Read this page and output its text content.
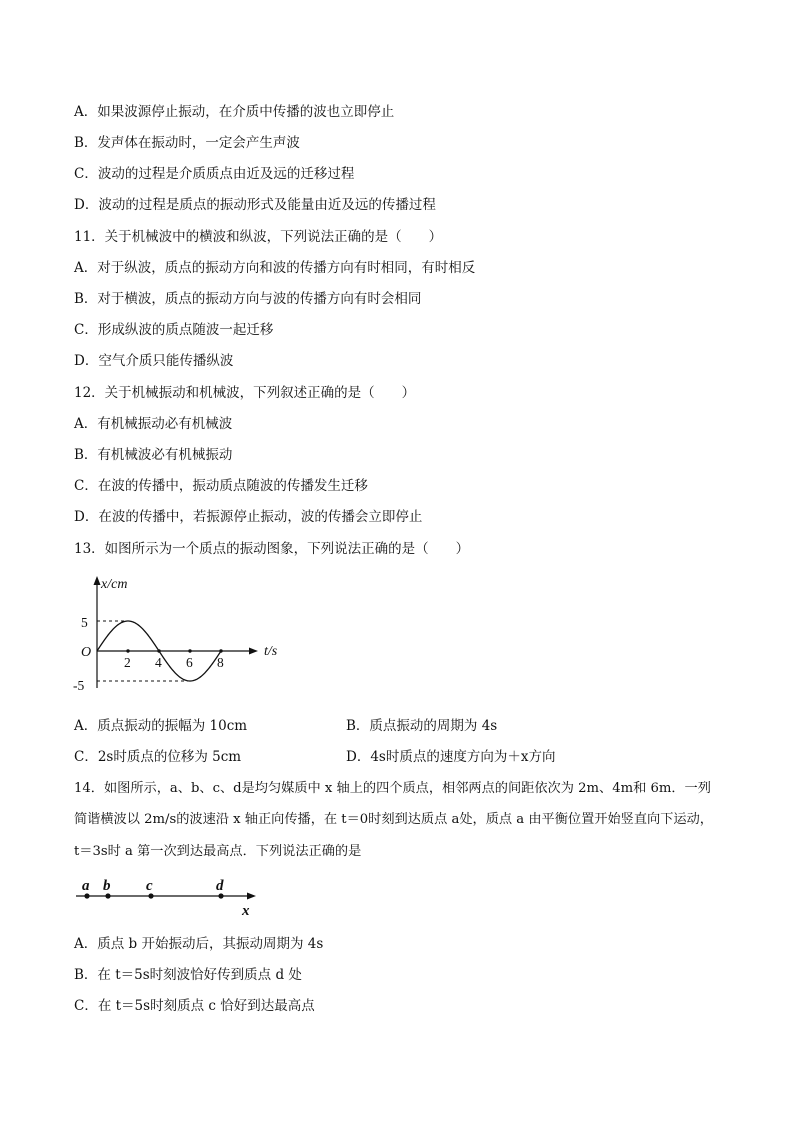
A．如果波源停止振动，在介质中传播的波也立即停止
B．发声体在振动时，一定会产生声波
C．波动的过程是介质质点由近及远的迁移过程
D．波动的过程是质点的振动形式及能量由近及远的传播过程
11．关于机械波中的横波和纵波，下列说法正确的是（　　）
A．对于纵波，质点的振动方向和波的传播方向有时相同，有时相反
B．对于横波，质点的振动方向与波的传播方向有时会相同
C．形成纵波的质点随波一起迁移
D．空气介质只能传播纵波
12．关于机械振动和机械波，下列叙述正确的是（　　）
A．有机械振动必有机械波
B．有机械波必有机械振动
C．在波的传播中，振动质点随波的传播发生迁移
D．在波的传播中，若振源停止振动，波的传播会立即停止
13．如图所示为一个质点的振动图象，下列说法正确的是（　　）
x/cm
t/s
O
5
-5
2 4 6 8
A．质点振动的振幅为 10cm	B．质点振动的周期为 4s
C．2s时质点的位移为 5cm	D．4s时质点的速度方向为＋x方向
14．如图所示，a、b、c、d是均匀媒质中 x 轴上的四个质点，相邻两点的间距依次为 2m、4m和 6m．一列
简谐横波以 2m/s的波速沿 x 轴正向传播，在 t＝0时刻到达质点 a处，质点 a 由平衡位置开始竖直向下运动，
t＝3s时 a 第一次到达最高点．下列说法正确的是
a b c	d
x
A．质点 b 开始振动后，其振动周期为 4s
B．在 t＝5s时刻波恰好传到质点 d 处
C．在 t＝5s时刻质点 c 恰好到达最高点
